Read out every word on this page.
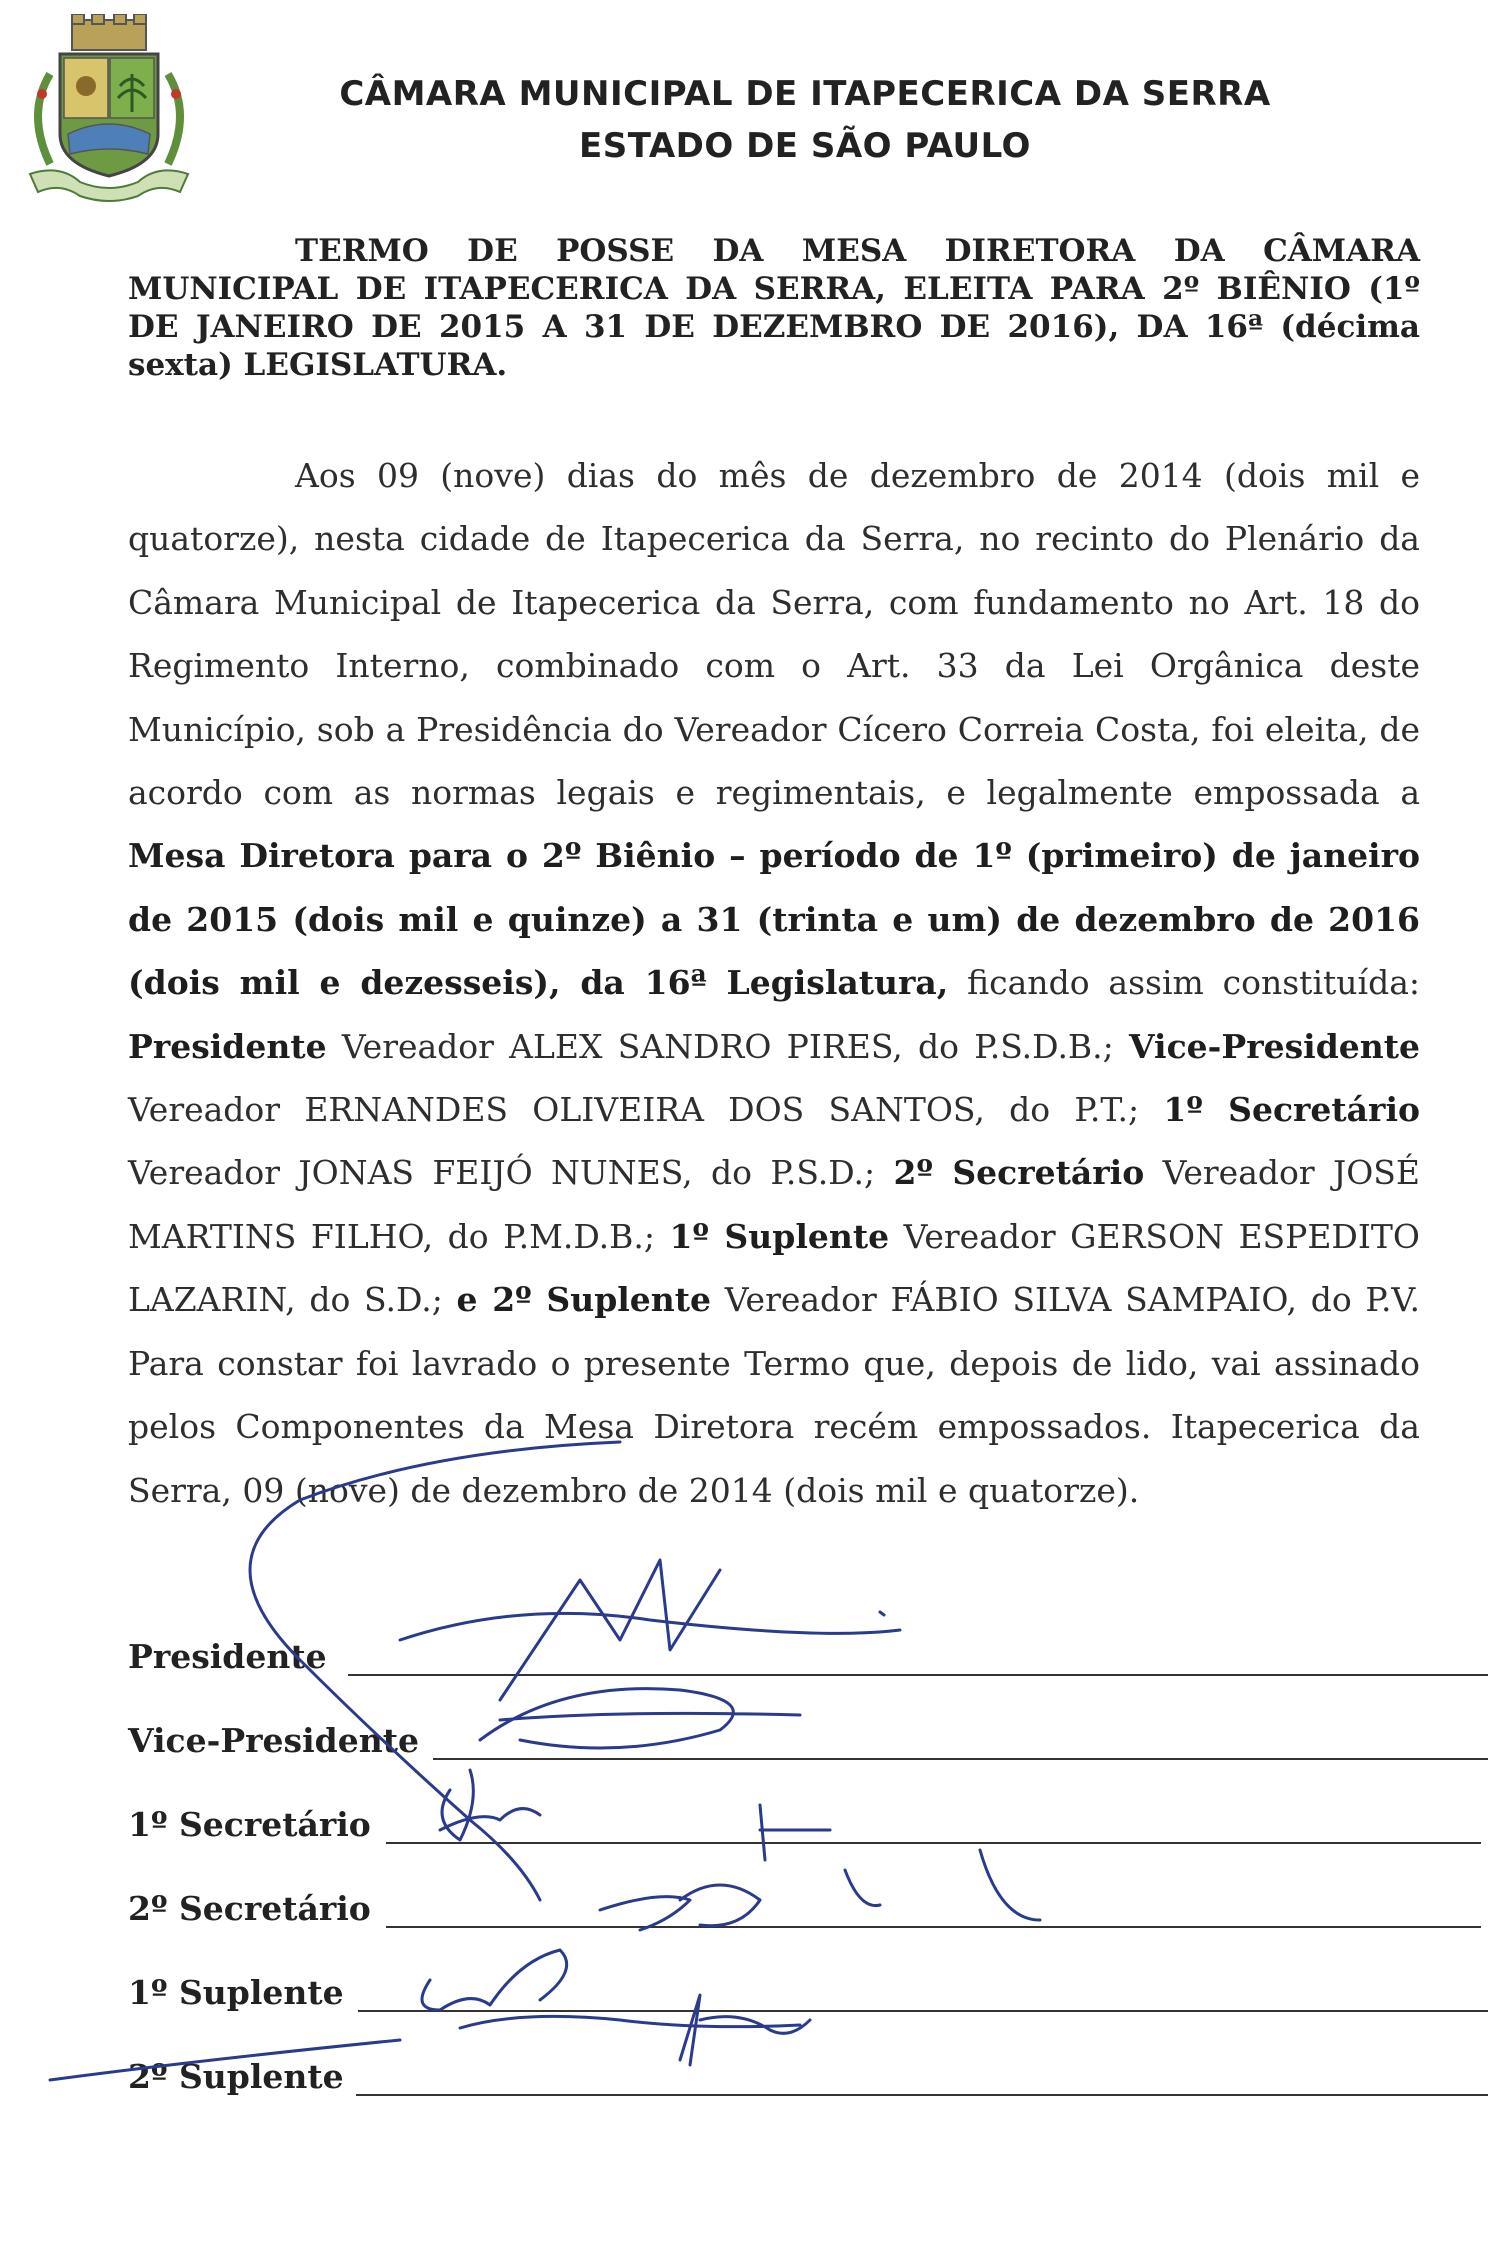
CÂMARA MUNICIPAL DE ITAPECERICA DA SERRA
ESTADO DE SÃO PAULO
TERMO DE POSSE DA MESA DIRETORA DA CÂMARA MUNICIPAL DE ITAPECERICA DA SERRA, ELEITA PARA 2º BIÊNIO (1º DE JANEIRO DE 2015 A 31 DE DEZEMBRO DE 2016), DA 16ª (décima sexta) LEGISLATURA.
Aos 09 (nove) dias do mês de dezembro de 2014 (dois mil e quatorze), nesta cidade de Itapecerica da Serra, no recinto do Plenário da Câmara Municipal de Itapecerica da Serra, com fundamento no Art. 18 do Regimento Interno, combinado com o Art. 33 da Lei Orgânica deste Município, sob a Presidência do Vereador Cícero Correia Costa, foi eleita, de acordo com as normas legais e regimentais, e legalmente empossada a Mesa Diretora para o 2º Biênio – período de 1º (primeiro) de janeiro de 2015 (dois mil e quinze) a 31 (trinta e um) de dezembro de 2016 (dois mil e dezesseis), da 16ª Legislatura, ficando assim constituída: Presidente Vereador ALEX SANDRO PIRES, do P.S.D.B.; Vice-Presidente Vereador ERNANDES OLIVEIRA DOS SANTOS, do P.T.; 1º Secretário Vereador JONAS FEIJÓ NUNES, do P.S.D.; 2º Secretário Vereador JOSÉ MARTINS FILHO, do P.M.D.B.; 1º Suplente Vereador GERSON ESPEDITO LAZARIN, do S.D.; e 2º Suplente Vereador FÁBIO SILVA SAMPAIO, do P.V. Para constar foi lavrado o presente Termo que, depois de lido, vai assinado pelos Componentes da Mesa Diretora recém empossados. Itapecerica da Serra, 09 (nove) de dezembro de 2014 (dois mil e quatorze).
Presidente
Vice-Presidente
1º Secretário
2º Secretário
1º Suplente
2º Suplente
